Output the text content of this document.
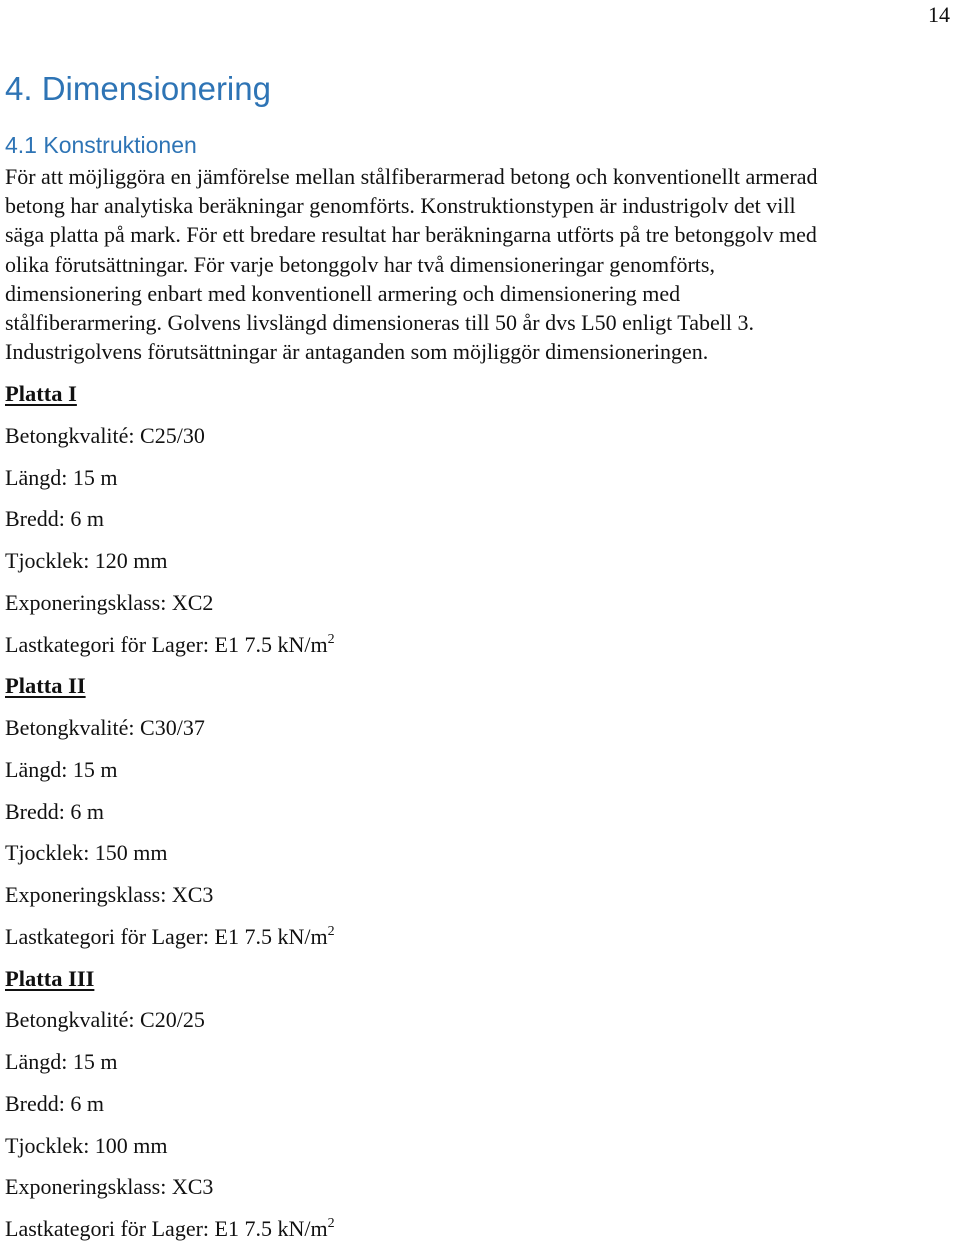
14
4. Dimensionering
4.1 Konstruktionen
För att möjliggöra en jämförelse mellan stålfiberarmerad betong och konventionellt armerad
betong har analytiska beräkningar genomförts. Konstruktionstypen är industrigolv det vill
säga platta på mark. För ett bredare resultat har beräkningarna utförts på tre betonggolv med
olika förutsättningar. För varje betonggolv har två dimensioneringar genomförts,
dimensionering enbart med konventionell armering och dimensionering med
stålfiberarmering. Golvens livslängd dimensioneras till 50 år dvs L50 enligt Tabell 3.
Industrigolvens förutsättningar är antaganden som möjliggör dimensioneringen.
Platta I
Betongkvalité: C25/30
Längd: 15 m
Bredd: 6 m
Tjocklek: 120 mm
Exponeringsklass: XC2
Lastkategori för Lager: E1 7.5 $kN/m^2$
Platta II
Betongkvalité: C30/37
Längd: 15 m
Bredd: 6 m
Tjocklek: 150 mm
Exponeringsklass: XC3
Lastkategori för Lager: E1 7.5 $kN/m^2$
Platta III
Betongkvalité: C20/25
Längd: 15 m
Bredd: 6 m
Tjocklek: 100 mm
Exponeringsklass: XC3
Lastkategori för Lager: E1 7.5 $kN/m^2$
